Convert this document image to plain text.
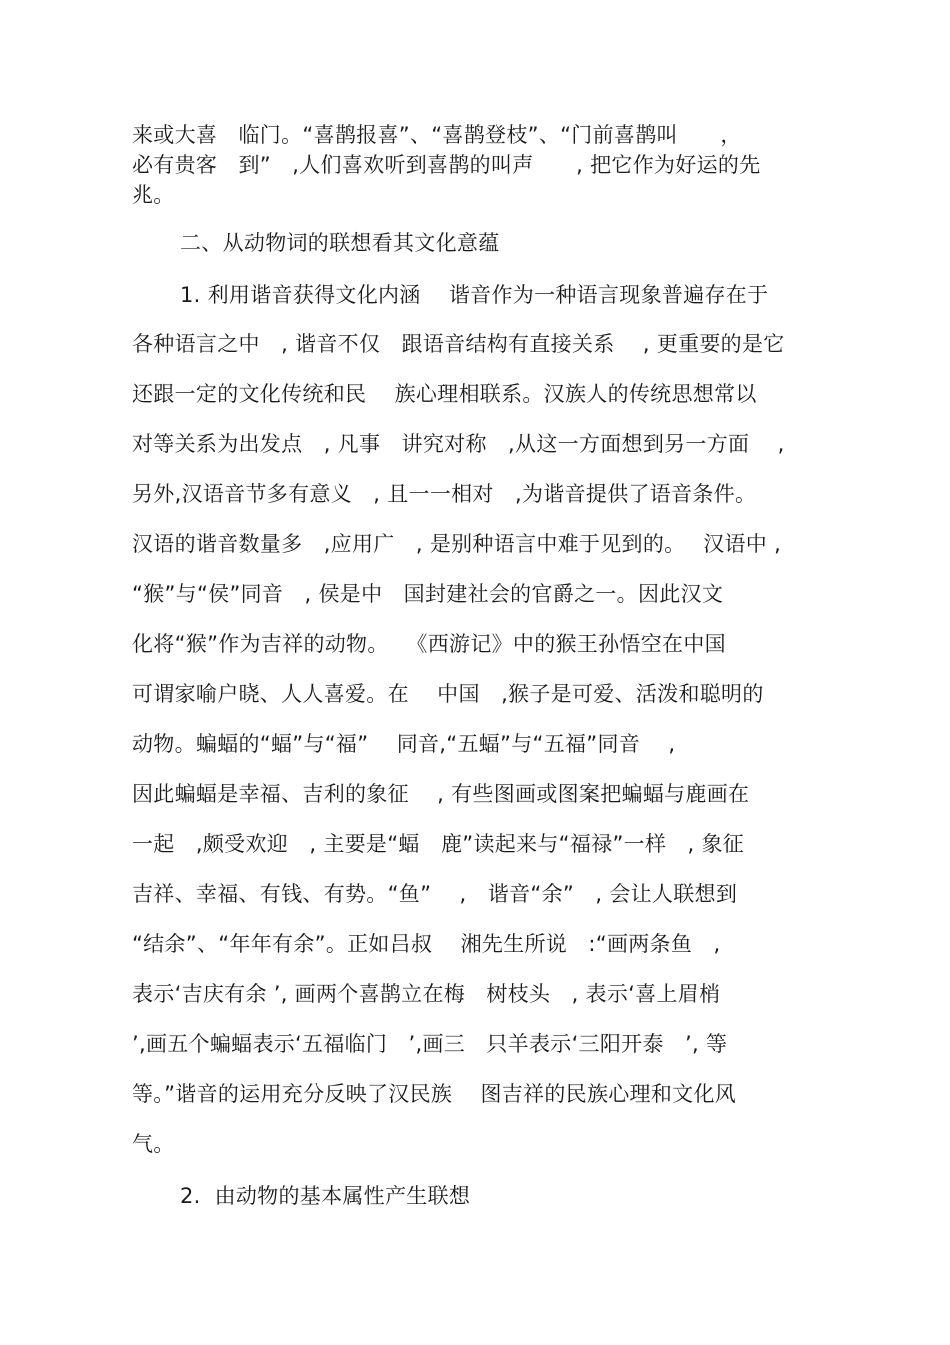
来或大喜　临门。“喜鹊报喜”、“喜鹊登枝”、“门前喜鹊叫　　，
必有贵客　到”　,人们喜欢听到喜鹊的叫声　　, 把它作为好运的先
兆。
二、从动物词的联想看其文化意蕴
1. 利用谐音获得文化内涵　 谐音作为一种语言现象普遍存在于
各种语言之中　, 谐音不仅　跟语音结构有直接关系　 , 更重要的是它
还跟一定的文化传统和民　 族心理相联系。汉族人的传统思想常以
对等关系为出发点　, 凡事　讲究对称　,从这一方面想到另一方面　 ,
另外,汉语音节多有意义　, 且一一相对　,为谐音提供了语音条件。
汉语的谐音数量多　,应用广　, 是别种语言中难于见到的。　 汉语中 ,
“猴”与“侯”同音　, 侯是中　国封建社会的官爵之一。因此汉文
化将“猴”作为吉祥的动物。　 《西游记》中的猴王孙悟空在中国
可谓家喻户晓、人人喜爱。在　 中国　,猴子是可爱、活泼和聪明的
动物。蝙蝠的“蝠”与“福”　 同音,“五蝠”与“五福”同音　 ,
因此蝙蝠是幸福、吉利的象征　 , 有些图画或图案把蝙蝠与鹿画在
一起　,颇受欢迎　, 主要是“蝠　鹿”读起来与“福禄”一样　, 象征
吉祥、幸福、有钱、有势。“鱼”　 ,　谐音“余”　, 会让人联想到
“结余”、“年年有余”。正如吕叔　 湘先生所说　:“画两条鱼　,
表示‘吉庆有余 ’, 画两个喜鹊立在梅　树枝头　, 表示‘喜上眉梢
’,画五个蝙蝠表示‘五福临门　’,画三　只羊表示‘三阳开泰　’, 等
等。”谐音的运用充分反映了汉民族　 图吉祥的民族心理和文化风
气。
2.  由动物的基本属性产生联想
